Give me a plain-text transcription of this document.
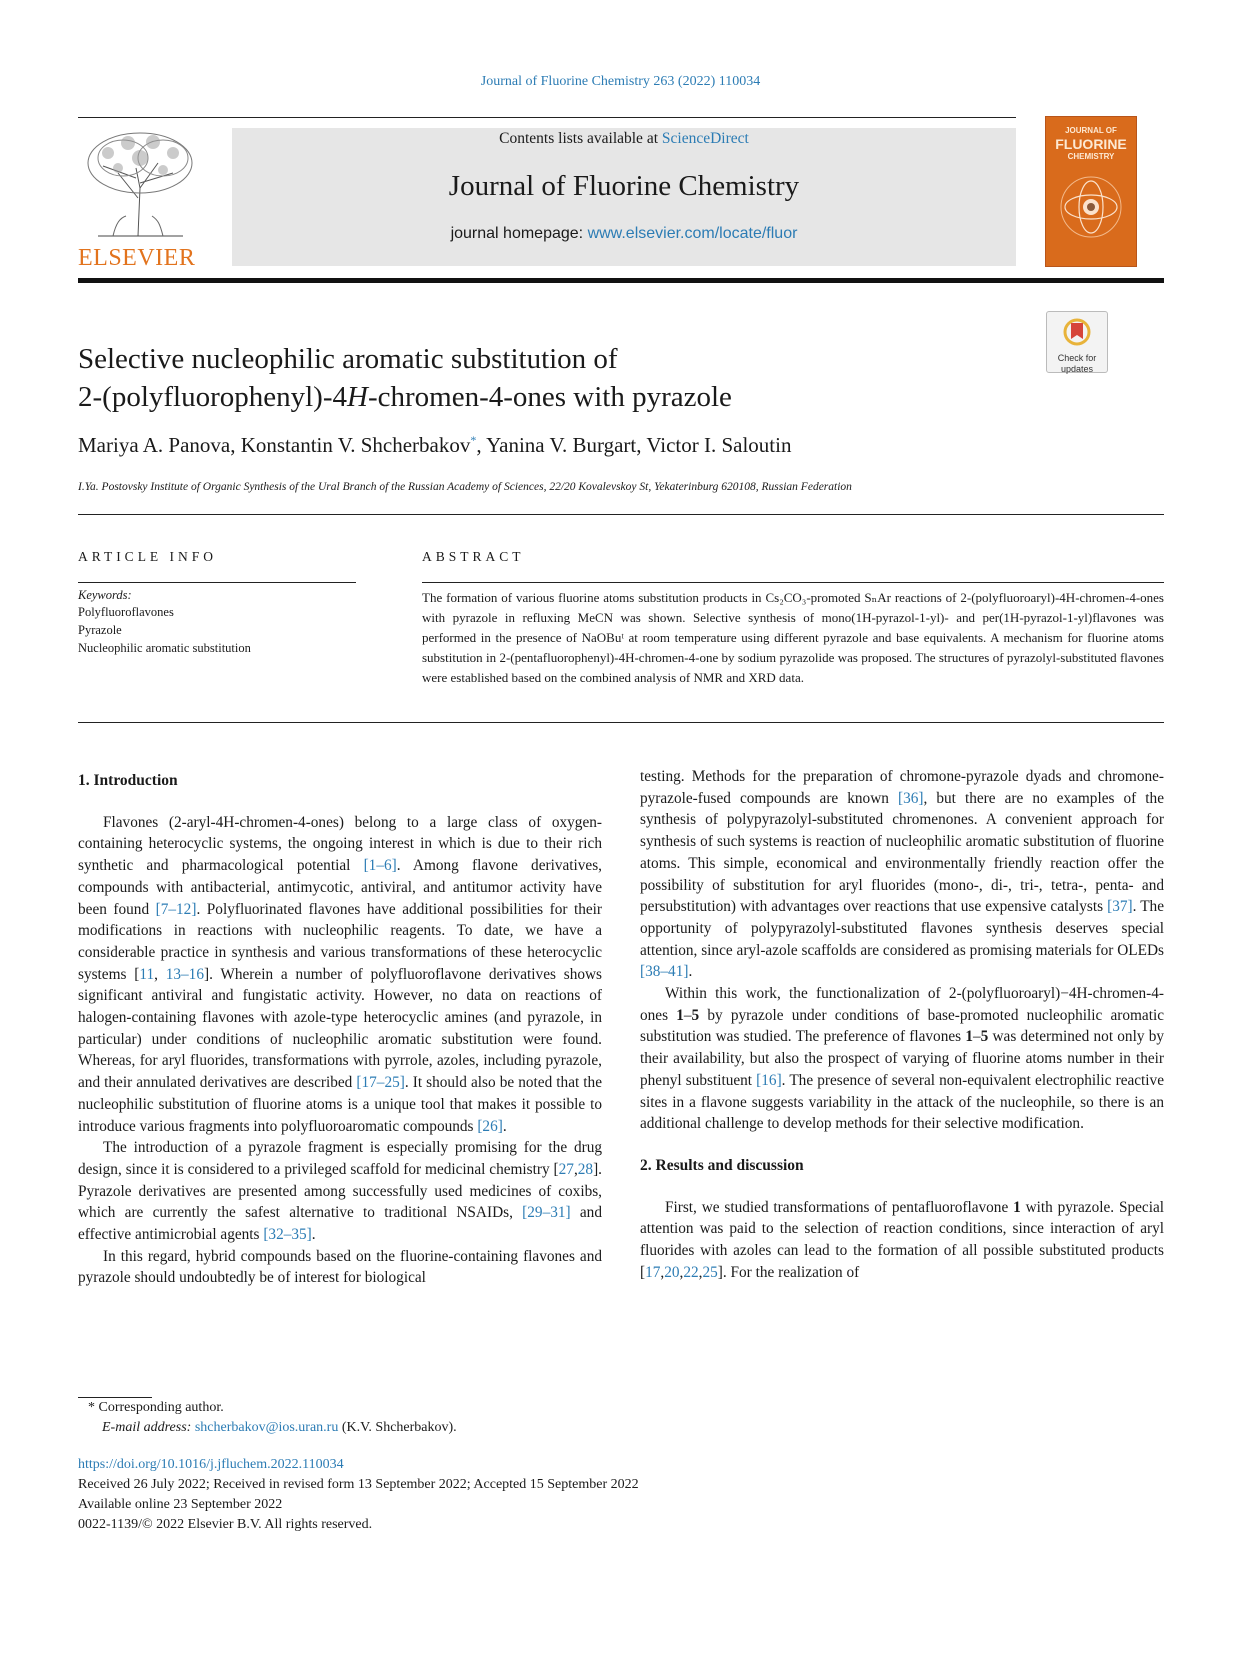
Journal of Fluorine Chemistry 263 (2022) 110034
ELSEVIER
Contents lists available at ScienceDirect
Journal of Fluorine Chemistry
journal homepage: www.elsevier.com/locate/fluor
JOURNAL OF
FLUORINE
CHEMISTRY
Check for
updates
Selective nucleophilic aromatic substitution of
2-(polyfluorophenyl)-4H-chromen-4-ones with pyrazole
Mariya A. Panova, Konstantin V. Shcherbakov*, Yanina V. Burgart, Victor I. Saloutin
I.Ya. Postovsky Institute of Organic Synthesis of the Ural Branch of the Russian Academy of Sciences, 22/20 Kovalevskoy St, Yekaterinburg 620108, Russian Federation
ARTICLE INFO
Keywords:
Polyfluoroflavones
Pyrazole
Nucleophilic aromatic substitution
ABSTRACT
The formation of various fluorine atoms substitution products in Cs₂CO₃-promoted SₙAr reactions of 2-(polyfluoroaryl)-4H-chromen-4-ones with pyrazole in refluxing MeCN was shown. Selective synthesis of mono(1H-pyrazol-1-yl)- and per(1H-pyrazol-1-yl)flavones was performed in the presence of NaOBuᵗ at room temperature using different pyrazole and base equivalents. A mechanism for fluorine atoms substitution in 2-(pentafluorophenyl)-4H-chromen-4-one by sodium pyrazolide was proposed. The structures of pyrazolyl-substituted flavones were established based on the combined analysis of NMR and XRD data.
1. Introduction

Flavones (2-aryl-4H-chromen-4-ones) belong to a large class of oxygen-containing heterocyclic systems, the ongoing interest in which is due to their rich synthetic and pharmacological potential [1–6]. Among flavone derivatives, compounds with antibacterial, antimycotic, antiviral, and antitumor activity have been found [7–12]. Polyfluorinated flavones have additional possibilities for their modifications in reactions with nucleophilic reagents. To date, we have a considerable practice in synthesis and various transformations of these heterocyclic systems [11, 13–16]. Wherein a number of polyfluoroflavone derivatives shows significant antiviral and fungistatic activity. However, no data on reactions of halogen-containing flavones with azole-type heterocyclic amines (and pyrazole, in particular) under conditions of nucleophilic aromatic substitution were found. Whereas, for aryl fluorides, transformations with pyrrole, azoles, including pyrazole, and their annulated derivatives are described [17–25]. It should also be noted that the nucleophilic substitution of fluorine atoms is a unique tool that makes it possible to introduce various fragments into polyfluoroaromatic compounds [26].

The introduction of a pyrazole fragment is especially promising for the drug design, since it is considered to a privileged scaffold for medicinal chemistry [27,28]. Pyrazole derivatives are presented among successfully used medicines of coxibs, which are currently the safest alternative to traditional NSAIDs, [29–31] and effective antimicrobial agents [32–35].

In this regard, hybrid compounds based on the fluorine-containing flavones and pyrazole should undoubtedly be of interest for biological

testing. Methods for the preparation of chromone-pyrazole dyads and chromone-pyrazole-fused compounds are known [36], but there are no examples of the synthesis of polypyrazolyl-substituted chromenones. A convenient approach for synthesis of such systems is reaction of nucleophilic aromatic substitution of fluorine atoms. This simple, economical and environmentally friendly reaction offer the possibility of substitution for aryl fluorides (mono-, di-, tri-, tetra-, penta- and persubstitution) with advantages over reactions that use expensive catalysts [37]. The opportunity of polypyrazolyl-substituted flavones synthesis deserves special attention, since aryl-azole scaffolds are considered as promising materials for OLEDs [38–41].

Within this work, the functionalization of 2-(polyfluoroaryl)−4H-chromen-4-ones 1–5 by pyrazole under conditions of base-promoted nucleophilic aromatic substitution was studied. The preference of flavones 1–5 was determined not only by their availability, but also the prospect of varying of fluorine atoms number in their phenyl substituent [16]. The presence of several non-equivalent electrophilic reactive sites in a flavone suggests variability in the attack of the nucleophile, so there is an additional challenge to develop methods for their selective modification.

2. Results and discussion

First, we studied transformations of pentafluoroflavone 1 with pyrazole. Special attention was paid to the selection of reaction conditions, since interaction of aryl fluorides with azoles can lead to the formation of all possible substituted products [17,20,22,25]. For the realization of

* Corresponding author.
E-mail address: shcherbakov@ios.uran.ru (K.V. Shcherbakov).
https://doi.org/10.1016/j.jfluchem.2022.110034
Received 26 July 2022; Received in revised form 13 September 2022; Accepted 15 September 2022
Available online 23 September 2022
0022-1139/© 2022 Elsevier B.V. All rights reserved.
